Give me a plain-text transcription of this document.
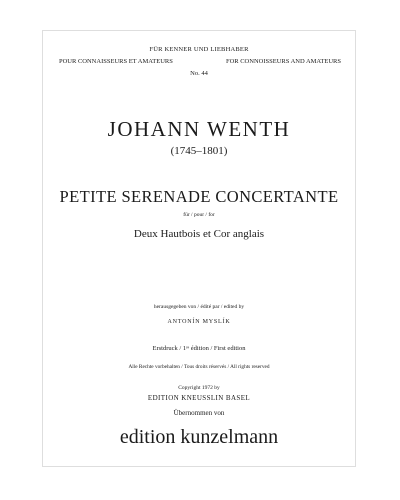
FÜR KENNER UND LIEBHABER
POUR CONNAISSEURS ET AMATEURS	FOR CONNOISSEURS AND AMATEURS
No. 44
JOHANN WENTH
(1745–1801)
PETITE SERENADE CONCERTANTE
für / pour / for
Deux Hautbois et Cor anglais
herausgegeben von / édité par / edited by
ANTONÍN MYSLÍK
Erstdruck / 1ʳᵉ édition / First edition
Alle Rechte vorbehalten / Tous droits réservés / All rights reserved
Copyright 1972 by
EDITION KNEUSSLIN BASEL
Übernommen von
edition kunzelmann
